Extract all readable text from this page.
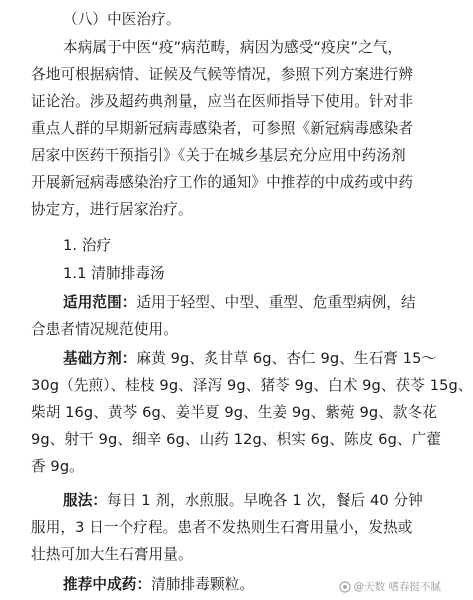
（八）中医治疗。
本病属于中医“疫”病范畴，病因为感受“疫戾”之气，
各地可根据病情、证候及气候等情况，参照下列方案进行辨
证论治。涉及超药典剂量，应当在医师指导下使用。针对非
重点人群的早期新冠病毒感染者，可参照《新冠病毒感染者
居家中医药干预指引》《关于在城乡基层充分应用中药汤剂
开展新冠病毒感染治疗工作的通知》中推荐的中成药或中药
协定方，进行居家治疗。
1. 治疗
1.1 清肺排毒汤
适用范围：适用于轻型、中型、重型、危重型病例，结
合患者情况规范使用。
基础方剂：麻黄 9g、炙甘草 6g、杏仁 9g、生石膏 15～
30g（先煎）、桂枝 9g、泽泻 9g、猪苓 9g、白术 9g、茯苓 15g、
柴胡 16g、黄芩 6g、姜半夏 9g、生姜 9g、紫菀 9g、款冬花
9g、射干 9g、细辛 6g、山药 12g、枳实 6g、陈皮 6g、广藿
香 9g。
服法：每日 1 剂，水煎服。早晚各 1 次，餐后 40 分钟
服用，3 日一个疗程。患者不发热则生石膏用量小，发热或
壮热可加大生石膏用量。
推荐中成药：清肺排毒颗粒。	@天数 嗜春挺不腻
